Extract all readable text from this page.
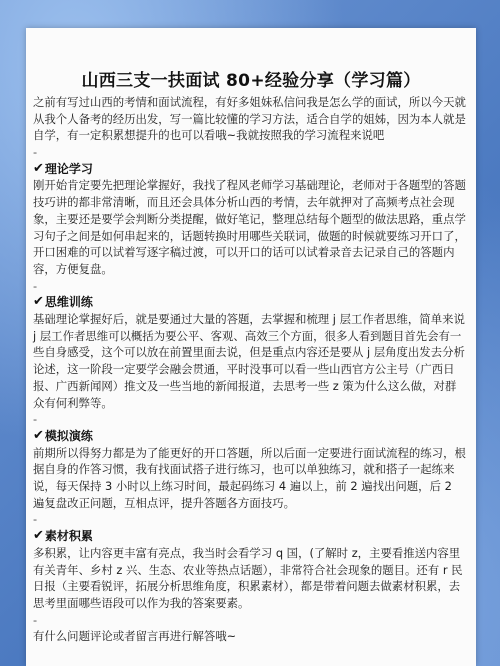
山西三支一扶面试 80+经验分享（学习篇）

之前有写过山西的考情和面试流程，有好多姐妹私信问我是怎么学的面试，所以今天就从我个人备考的经历出发，写一篇比较懂的学习方法，适合自学的姐姊，因为本人就是自学，有一定积累想提升的也可以看哦~我就按照我的学习流程来说吧

-

✔ 理论学习

刚开始肯定要先把理论掌握好，我找了程风老师学习基础理论，老师对于各题型的答题技巧讲的都非常清晰，而且还会具体分析山西的考情，去年就押对了高频考点社会现象，主要还是要学会判断分类提醒，做好笔记，整理总结每个题型的做法思路，重点学习句子之间是如何串起来的，话题转换时用哪些关联词，做题的时候就要练习开口了，开口困难的可以试着写逐字稿过渡，可以开口的话可以试着录音去记录自己的答题内容，方便复盘。

-

✔ 思维训练

基础理论掌握好后，就是要通过大量的答题，去掌握和梳理 j 层工作者思维，简单来说 j 层工作者思维可以概括为要公平、客观、高效三个方面，很多人看到题目首先会有一些自身感受，这个可以放在前置里面去说，但是重点内容还是要从 j 层角度出发去分析论述，这一阶段一定要学会融会贯通，平时没事可以看一些山西官方公主号（广西日报、广西新闻网）推文及一些当地的新闻报道，去思考一些 z 策为什么这么做，对群众有何利弊等。

-

✔ 模拟演练

前期所以得努力都是为了能更好的开口答题，所以后面一定要进行面试流程的练习，根据自身的作答习惯，我有找面试搭子进行练习，也可以单独练习，就和搭子一起练来说，每天保持 3 小时以上练习时间，最起码练习 4 遍以上，前 2 遍找出问题，后 2 遍复盘改正问题，互相点评，提升答题各方面技巧。

-

✔ 素材积累

多积累，让内容更丰富有亮点，我当时会看学习 q 国，(了解时 z，主要看推送内容里有关青年、乡村 z 兴、生态、农业等热点话题），非常符合社会现象的题目。还有 r 民日报（主要看锐评，拓展分析思维角度，积累素材），都是带着问题去做素材积累，去思考里面哪些语段可以作为我的答案要素。

-

有什么问题评论或者留言再进行解答哦~
